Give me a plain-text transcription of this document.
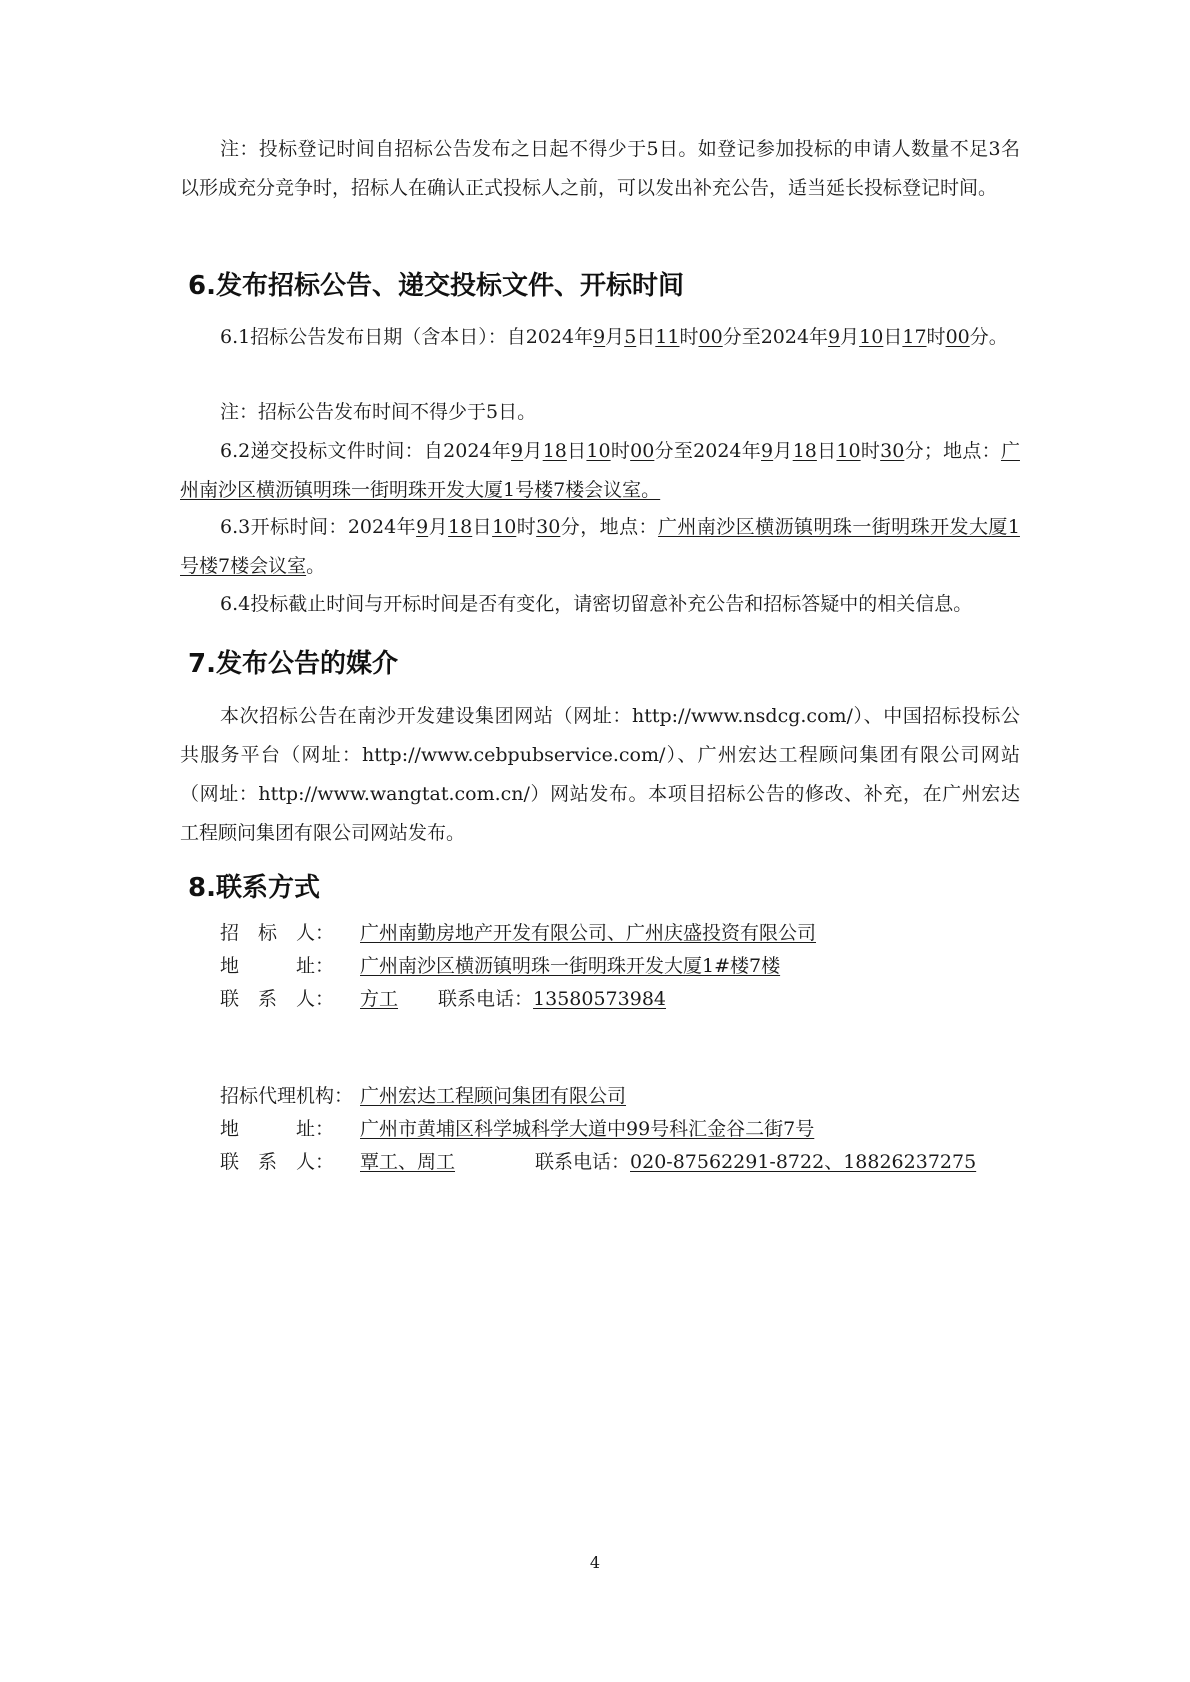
注：投标登记时间自招标公告发布之日起不得少于5日。如登记参加投标的申请人数量不足3名以形成充分竞争时，招标人在确认正式投标人之前，可以发出补充公告，适当延长投标登记时间。

6.发布招标公告、递交投标文件、开标时间

6.1招标公告发布日期（含本日）：自2024年9月5日11时00分至2024年9月10日17时00分。

注：招标公告发布时间不得少于5日。

6.2递交投标文件时间：自2024年9月18日10时00分至2024年9月18日10时30分；地点：广州南沙区横沥镇明珠一街明珠开发大厦1号楼7楼会议室。

6.3开标时间：2024年9月18日10时30分，地点：广州南沙区横沥镇明珠一街明珠开发大厦1号楼7楼会议室。

6.4投标截止时间与开标时间是否有变化，请密切留意补充公告和招标答疑中的相关信息。

7.发布公告的媒介

本次招标公告在南沙开发建设集团网站（网址：http://www.nsdcg.com/）、中国招标投标公共服务平台（网址：http://www.cebpubservice.com/）、广州宏达工程顾问集团有限公司网站（网址：http://www.wangtat.com.cn/）网站发布。本项目招标公告的修改、补充，在广州宏达工程顾问集团有限公司网站发布。

8.联系方式
招　标　人： 广州南勤房地产开发有限公司、广州庆盛投资有限公司
地　　　址： 广州南沙区横沥镇明珠一街明珠开发大厦1#楼7楼
联　系　人： 方工 联系电话：13580573984
招标代理机构： 广州宏达工程顾问集团有限公司
地　　　址： 广州市黄埔区科学城科学大道中99号科汇金谷二街7号
联　系　人： 覃工、周工	联系电话：020-87562291-8722、18826237275
4
